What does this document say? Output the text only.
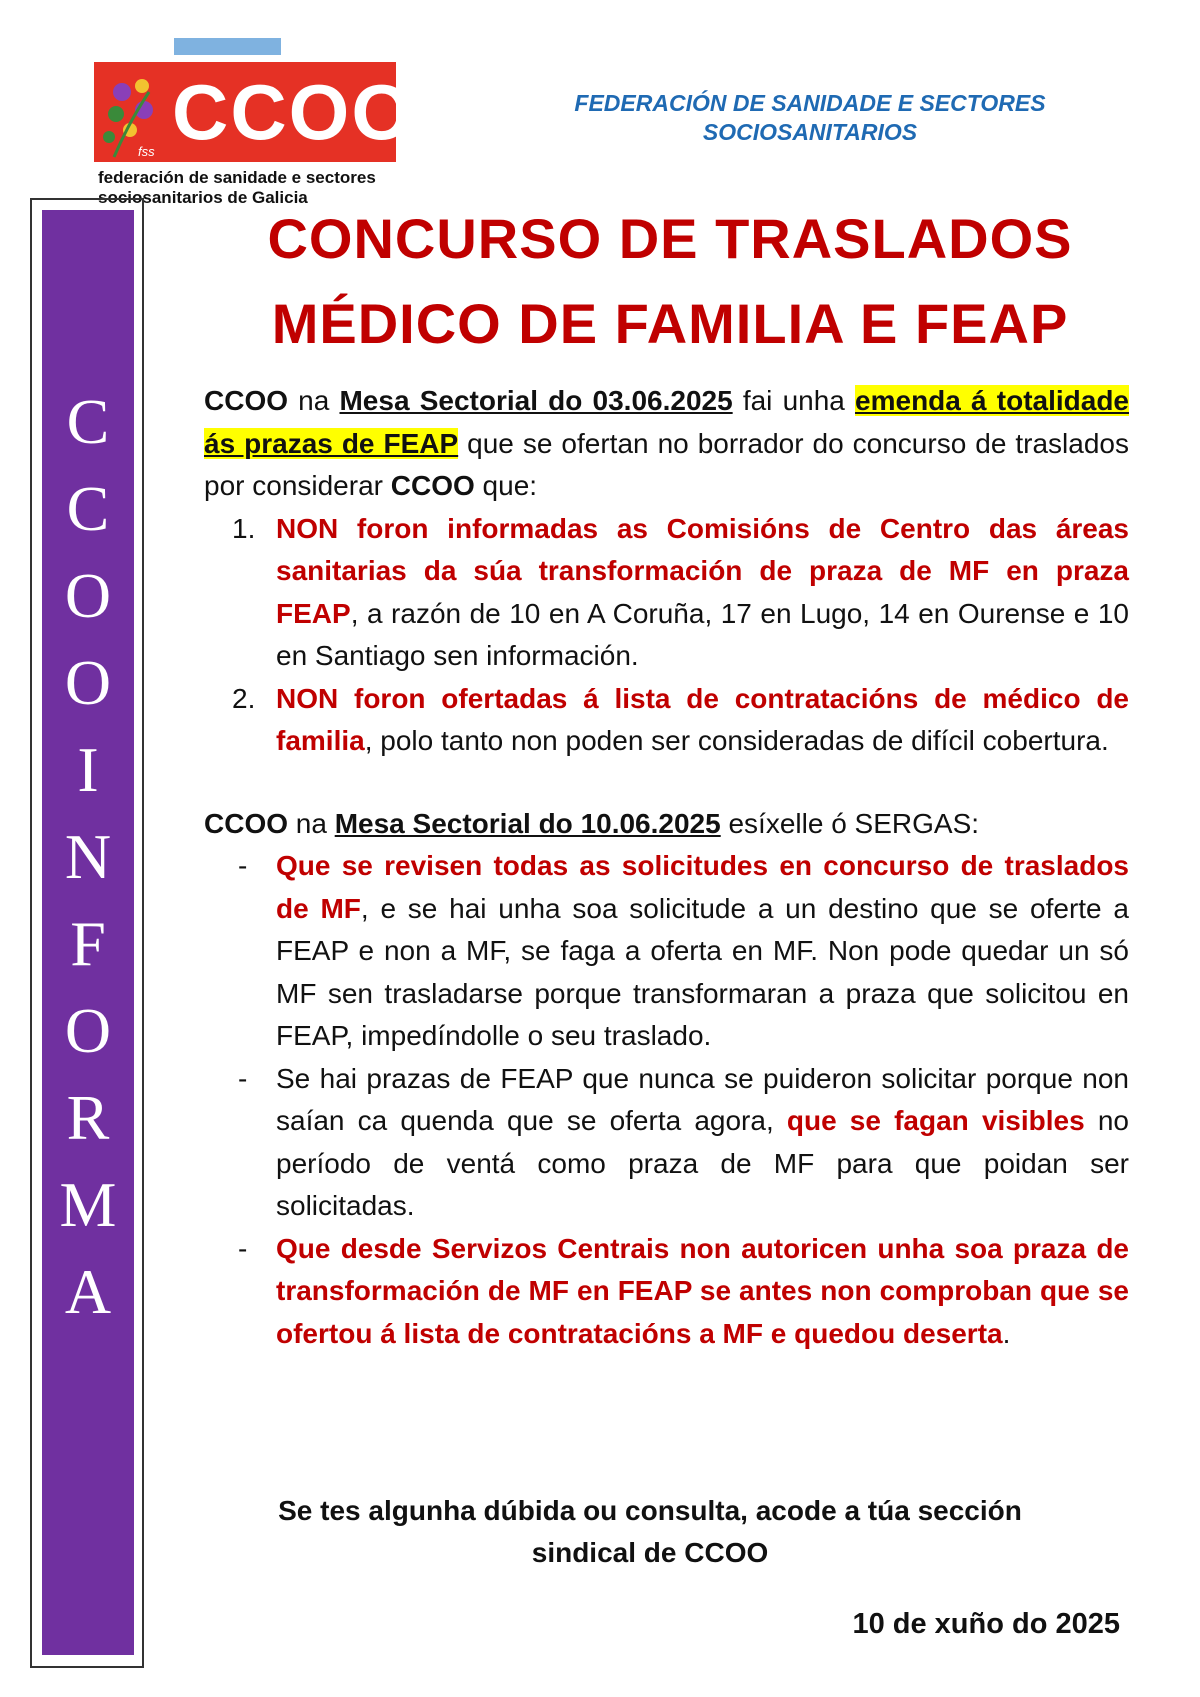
fss CCOO
federación de sanidade e sectores
sociosanitarios de Galicia
FEDERACIÓN DE SANIDADE E SECTORES
SOCIOSANITARIOS
C
C
O
O
I
N
F
O
R
M
A
CONCURSO DE TRASLADOS
MÉDICO DE FAMILIA E FEAP

CCOO na Mesa Sectorial do 03.06.2025 fai unha emenda á totalidade ás prazas de FEAP que se ofertan no borrador do concurso de traslados por considerar CCOO que:

1. NON foron informadas as Comisións de Centro das áreas sanitarias da súa transformación de praza de MF en praza FEAP, a razón de 10 en A Coruña, 17 en Lugo, 14 en Ourense e 10 en Santiago sen información.
2. NON foron ofertadas á lista de contratacións de médico de familia, polo tanto non poden ser consideradas de difícil cobertura.

CCOO na Mesa Sectorial do 10.06.2025 esíxelle ó SERGAS:

- Que se revisen todas as solicitudes en concurso de traslados de MF, e se hai unha soa solicitude a un destino que se oferte a FEAP e non a MF, se faga a oferta en MF. Non pode quedar un só MF sen trasladarse porque transformaran a praza que solicitou en FEAP, impedíndolle o seu traslado.
- Se hai prazas de FEAP que nunca se puideron solicitar porque non saían ca quenda que se oferta agora, que se fagan visibles no período de ventá como praza de MF para que poidan ser solicitadas.
- Que desde Servizos Centrais non autoricen unha soa praza de transformación de MF en FEAP se antes non comproban que se ofertou á lista de contratacións a MF e quedou deserta.
Se tes algunha dúbida ou consulta, acode a túa sección
sindical de CCOO
10 de xuño do 2025
